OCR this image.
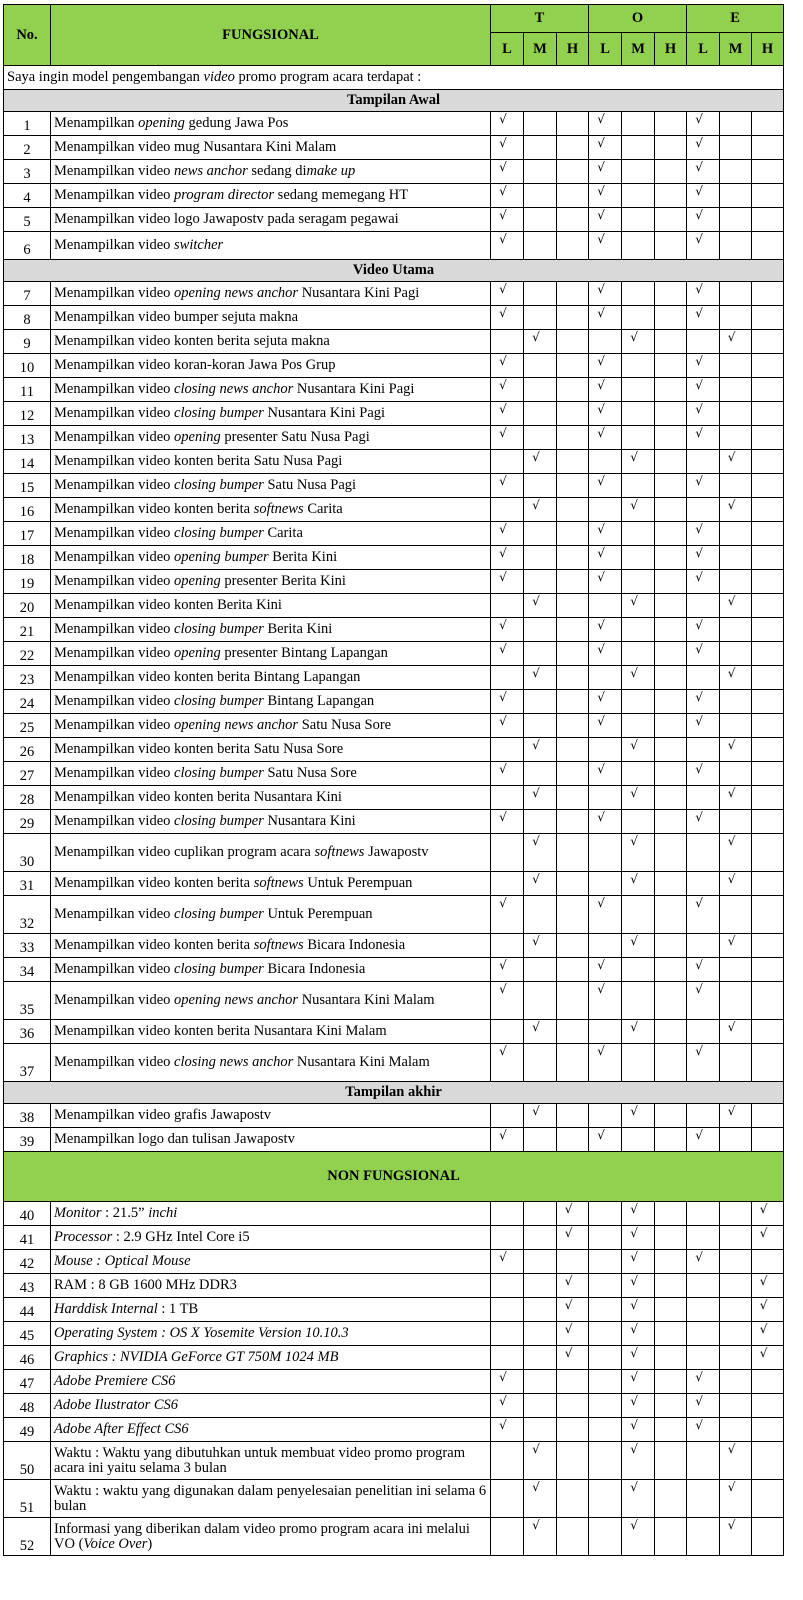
No.	FUNGSIONAL	T			O			E		
		L	M	H	L	M	H	L	M	H
Saya ingin model pengembangan video promo program acara terdapat :										
Tampilan Awal										
1	Menampilkan opening gedung Jawa Pos	√			√			√		
2	Menampilkan video mug Nusantara Kini Malam	√			√			√		
3	Menampilkan video news anchor sedang dimake up	√			√			√		
4	Menampilkan video program director sedang memegang HT	√			√			√		
5	Menampilkan video logo Jawapostv pada seragam pegawai	√			√			√		
6	Menampilkan video switcher	√			√			√		
Video Utama										
7	Menampilkan video opening news anchor Nusantara Kini Pagi	√			√			√		
8	Menampilkan video bumper sejuta makna	√			√			√		
9	Menampilkan video konten berita sejuta makna		√			√			√	
10	Menampilkan video koran-koran Jawa Pos Grup	√			√			√		
11	Menampilkan video closing news anchor Nusantara Kini Pagi	√			√			√		
12	Menampilkan video closing bumper Nusantara Kini Pagi	√			√			√		
13	Menampilkan video opening presenter Satu Nusa Pagi	√			√			√		
14	Menampilkan video konten berita Satu Nusa Pagi		√			√			√	
15	Menampilkan video closing bumper Satu Nusa Pagi	√			√			√		
16	Menampilkan video konten berita softnews Carita		√			√			√	
17	Menampilkan video closing bumper Carita	√			√			√		
18	Menampilkan video opening bumper Berita Kini	√			√			√		
19	Menampilkan video opening presenter Berita Kini	√			√			√		
20	Menampilkan video konten Berita Kini		√			√			√	
21	Menampilkan video closing bumper Berita Kini	√			√			√		
22	Menampilkan video opening presenter Bintang Lapangan	√			√			√		
23	Menampilkan video konten berita Bintang Lapangan		√			√			√	
24	Menampilkan video closing bumper Bintang Lapangan	√			√			√		
25	Menampilkan video opening news anchor Satu Nusa Sore	√			√			√		
26	Menampilkan video konten berita Satu Nusa Sore		√			√			√	
27	Menampilkan video closing bumper Satu Nusa Sore	√			√			√		
28	Menampilkan video konten berita Nusantara Kini		√			√			√	
29	Menampilkan video closing bumper Nusantara Kini	√			√			√		
30	Menampilkan video cuplikan program acara softnews Jawapostv		√			√			√	
31	Menampilkan video konten berita softnews Untuk Perempuan		√			√			√	
32	Menampilkan video closing bumper Untuk Perempuan	√			√			√		
33	Menampilkan video konten berita softnews Bicara Indonesia		√			√			√	
34	Menampilkan video closing bumper Bicara Indonesia	√			√			√		
35	Menampilkan video opening news anchor Nusantara Kini Malam	√			√			√		
36	Menampilkan video konten berita Nusantara Kini Malam		√			√			√	
37	Menampilkan video closing news anchor Nusantara Kini Malam	√			√			√		
Tampilan akhir										
38	Menampilkan video grafis Jawapostv		√			√			√	
39	Menampilkan logo dan tulisan Jawapostv	√			√			√		
NON FUNGSIONAL										
40	Monitor : 21.5” inchi			√		√				√
41	Processor : 2.9 GHz Intel Core i5			√		√				√
42	Mouse : Optical Mouse	√				√		√		
43	RAM : 8 GB 1600 MHz DDR3			√		√				√
44	Harddisk Internal : 1 TB			√		√				√
45	Operating System : OS X Yosemite Version 10.10.3			√		√				√
46	Graphics : NVIDIA GeForce GT 750M 1024 MB			√		√				√
47	Adobe Premiere CS6	√				√		√		
48	Adobe Ilustrator CS6	√				√		√		
49	Adobe After Effect CS6	√				√		√		
50	Waktu : Waktu yang dibutuhkan untuk membuat video promo program acara ini yaitu selama 3 bulan		√			√			√	
51	Waktu : waktu yang digunakan dalam penyelesaian penelitian ini selama 6 bulan		√			√			√	
52	Informasi yang diberikan dalam video promo program acara ini melalui VO (Voice Over)		√			√			√	
